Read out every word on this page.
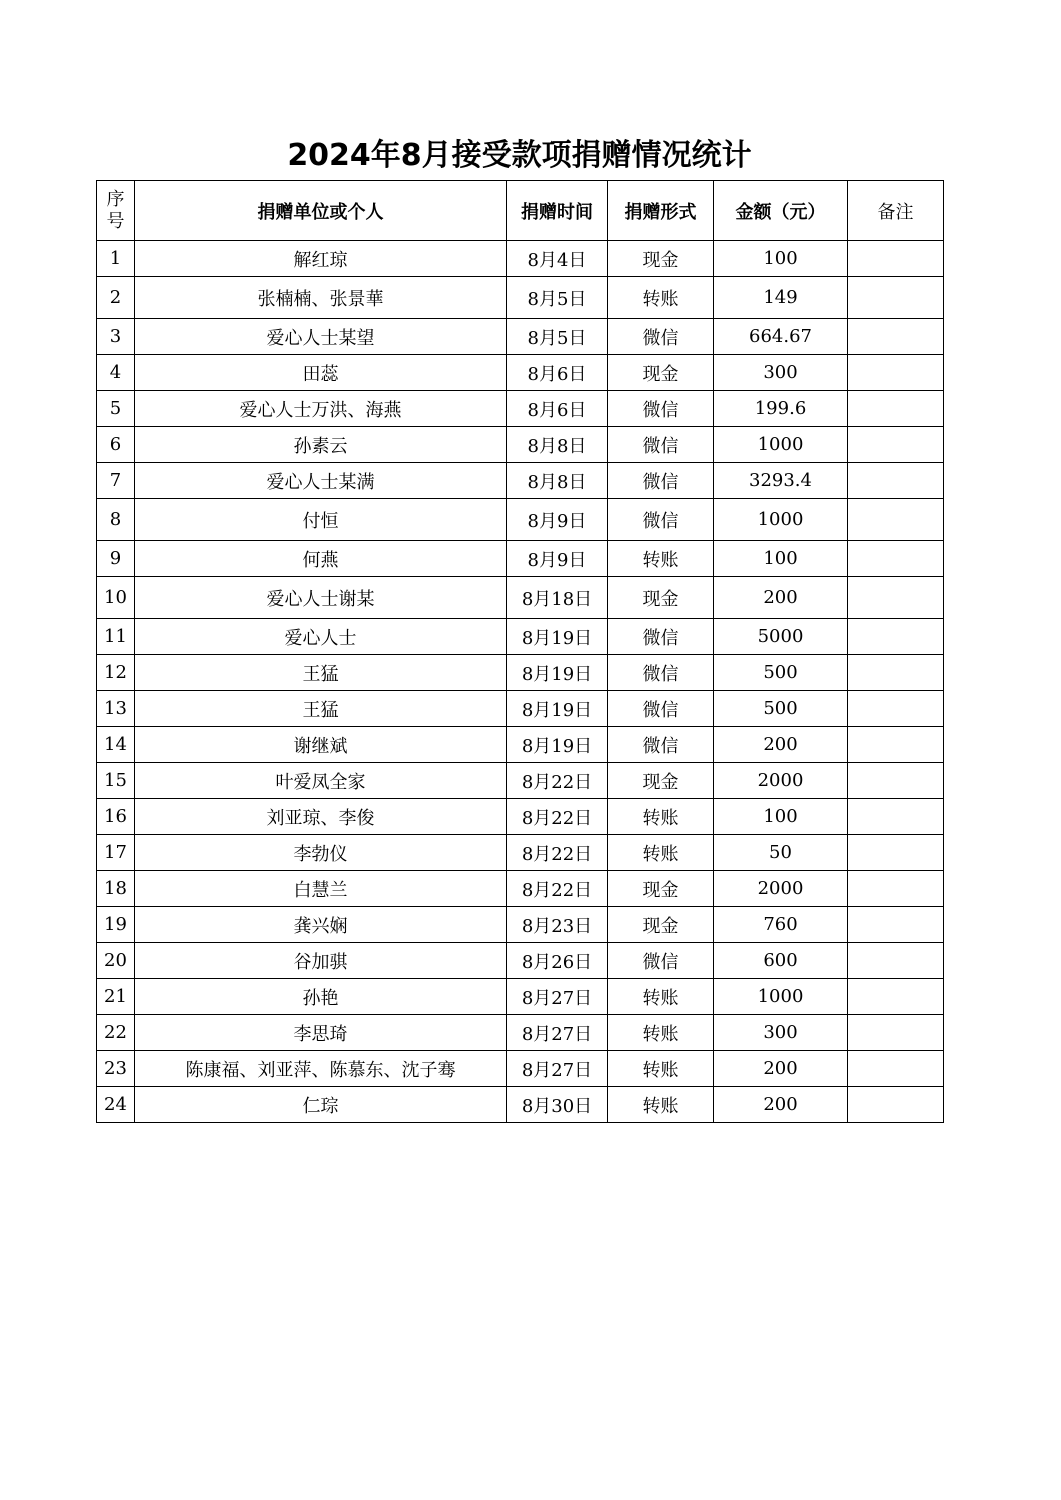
2024年8月接受款项捐赠情况统计
序
号	捐赠单位或个人	捐赠时间	捐赠形式	金额（元）	备注
1	解红琼	8月4日	现金	100	
2	张楠楠、张景華	8月5日	转账	149	
3	爱心人士某望	8月5日	微信	664.67	
4	田蕊	8月6日	现金	300	
5	爱心人士万洪、海燕	8月6日	微信	199.6	
6	孙素云	8月8日	微信	1000	
7	爱心人士某满	8月8日	微信	3293.4	
8	付恒	8月9日	微信	1000	
9	何燕	8月9日	转账	100	
10	爱心人士谢某	8月18日	现金	200	
11	爱心人士	8月19日	微信	5000	
12	王猛	8月19日	微信	500	
13	王猛	8月19日	微信	500	
14	谢继斌	8月19日	微信	200	
15	叶爱凤全家	8月22日	现金	2000	
16	刘亚琼、李俊	8月22日	转账	100	
17	李勃仪	8月22日	转账	50	
18	白慧兰	8月22日	现金	2000	
19	龚兴娴	8月23日	现金	760	
20	谷加骐	8月26日	微信	600	
21	孙艳	8月27日	转账	1000	
22	李思琦	8月27日	转账	300	
23	陈康福、刘亚萍、陈慕东、沈子骞	8月27日	转账	200	
24	仁琮	8月30日	转账	200	
